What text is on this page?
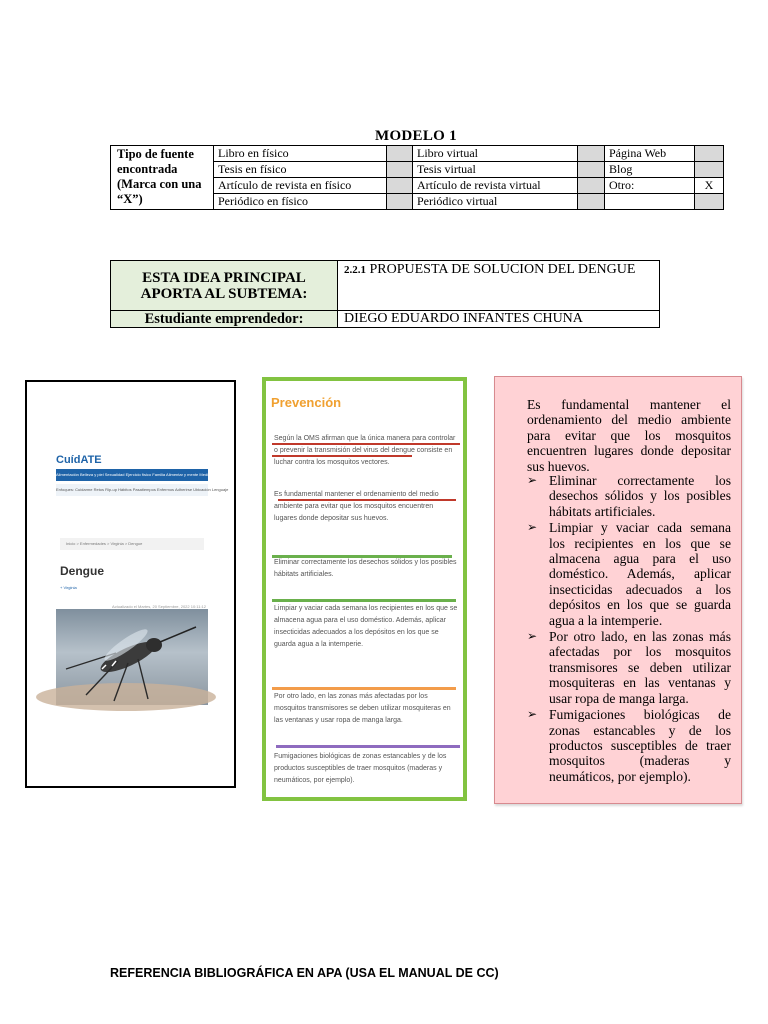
MODELO 1
Tipo de fuente encontrada (Marca con una “X”)	Libro en físico		Libro virtual		Página Web	
	Tesis en físico		Tesis virtual		Blog	
	Artículo de revista en físico		Artículo de revista virtual		Otro:	X
	Periódico en físico		Periódico virtual			
ESTA IDEA PRINCIPAL APORTA AL SUBTEMA:	2.2.1 PROPUESTA DE SOLUCION DEL DENGUE
Estudiante emprendedor:	DIEGO EDUARDO INFANTES CHUNA
CuídATE
Alimentación Belleza y piel Sexualidad Ejercicio físico Familia Alimentar y mente Medicamentos
Enfoques: Cuidarme Retos Rip-up Hábitos Pasatiempos Enfermos Adherirse Ubicación Lenguaje
Inicio > Enfermedades > Virginia > Dengue
Dengue
+ Virginia
Actualizado el Martes, 20 Septiembre, 2022 10:11:12
Prevención
Según la OMS afirman que la única manera para controlar o prevenir la transmisión del virus del dengue consiste en luchar contra los mosquitos vectores.
Es fundamental mantener el ordenamiento del medio ambiente para evitar que los mosquitos encuentren lugares donde depositar sus huevos.
Eliminar correctamente los desechos sólidos y los posibles hábitats artificiales.
Limpiar y vaciar cada semana los recipientes en los que se almacena agua para el uso doméstico. Además, aplicar insecticidas adecuados a los depósitos en los que se guarda agua a la intemperie.
Por otro lado, en las zonas más afectadas por los mosquitos transmisores se deben utilizar mosquiteras en las ventanas y usar ropa de manga larga.
Fumigaciones biológicas de zonas estancables y de los productos susceptibles de traer mosquitos (maderas y neumáticos, por ejemplo).
Es fundamental mantener el ordenamiento del medio ambiente para evitar que los mosquitos encuentren lugares donde depositar sus huevos.
➢ Eliminar correctamente los desechos sólidos y los posibles hábitats artificiales.
➢ Limpiar y vaciar cada semana los recipientes en los que se almacena agua para el uso doméstico. Además, aplicar insecticidas adecuados a los depósitos en los que se guarda agua a la intemperie.
➢ Por otro lado, en las zonas más afectadas por los mosquitos transmisores se deben utilizar mosquiteras en las ventanas y usar ropa de manga larga.
➢ Fumigaciones biológicas de zonas estancables y de los productos susceptibles de traer mosquitos (maderas y neumáticos, por ejemplo).
REFERENCIA BIBLIOGRÁFICA EN APA (USA EL MANUAL DE CC)
